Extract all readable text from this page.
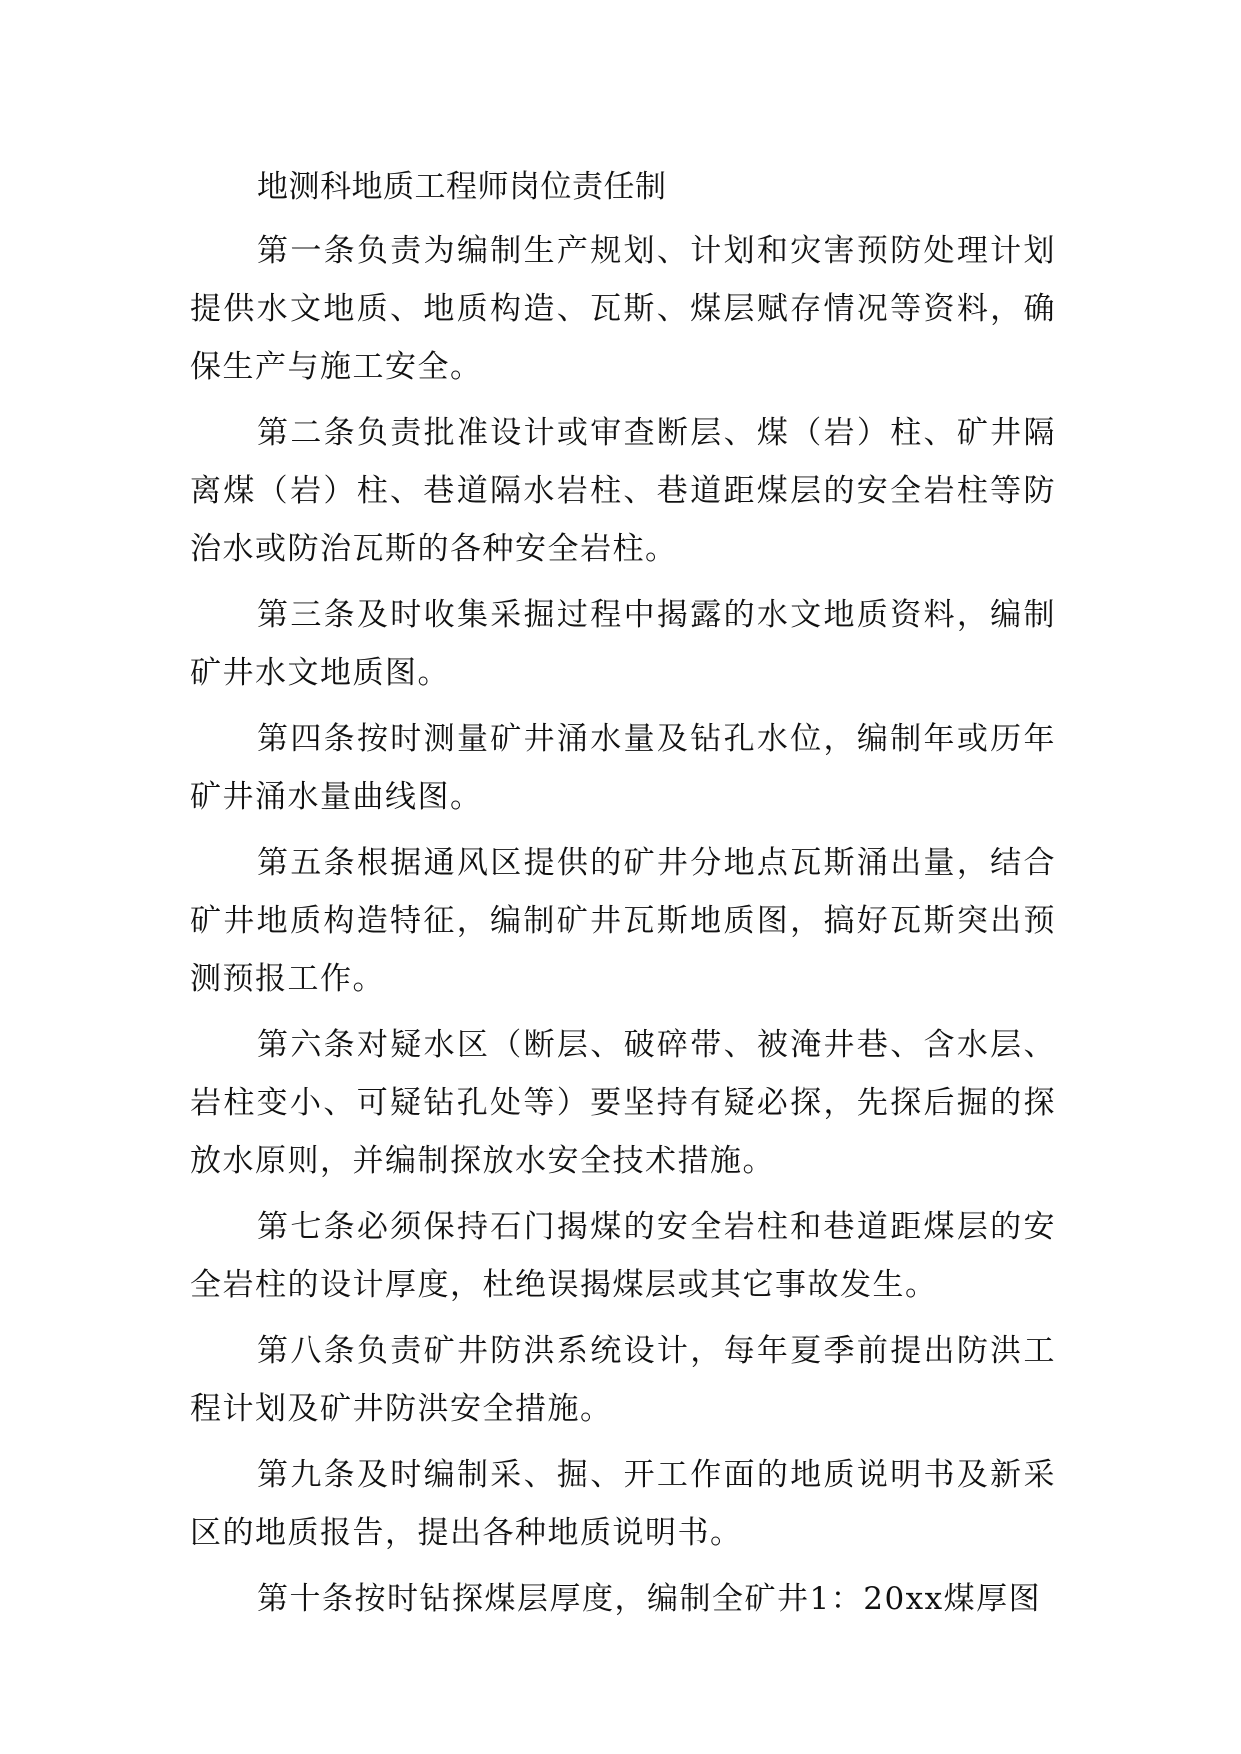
地测科地质工程师岗位责任制

第一条负责为编制生产规划、计划和灾害预防处理计划提供水文地质、地质构造、瓦斯、煤层赋存情况等资料，确保生产与施工安全。

第二条负责批准设计或审查断层、煤（岩）柱、矿井隔离煤（岩）柱、巷道隔水岩柱、巷道距煤层的安全岩柱等防治水或防治瓦斯的各种安全岩柱。

第三条及时收集采掘过程中揭露的水文地质资料，编制矿井水文地质图。

第四条按时测量矿井涌水量及钻孔水位，编制年或历年矿井涌水量曲线图。

第五条根据通风区提供的矿井分地点瓦斯涌出量，结合矿井地质构造特征，编制矿井瓦斯地质图，搞好瓦斯突出预测预报工作。

第六条对疑水区（断层、破碎带、被淹井巷、含水层、岩柱变小、可疑钻孔处等）要坚持有疑必探，先探后掘的探放水原则，并编制探放水安全技术措施。

第七条必须保持石门揭煤的安全岩柱和巷道距煤层的安全岩柱的设计厚度，杜绝误揭煤层或其它事故发生。

第八条负责矿井防洪系统设计，每年夏季前提出防洪工程计划及矿井防洪安全措施。

第九条及时编制采、掘、开工作面的地质说明书及新采区的地质报告，提出各种地质说明书。

第十条按时钻探煤层厚度，编制全矿井1：20xx煤厚图
